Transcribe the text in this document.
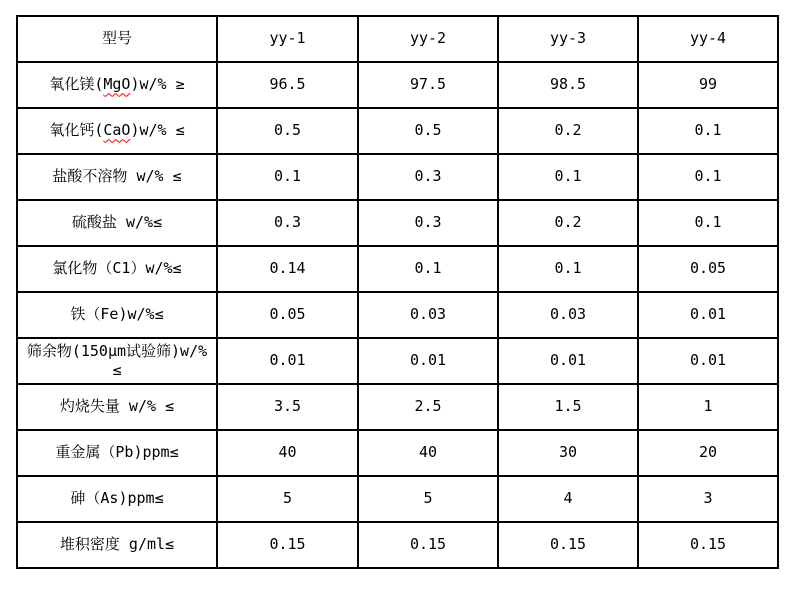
型号	yy-1	yy-2	yy-3	yy-4
氧化镁(MgO)w/% ≥	96.5	97.5	98.5	99
氧化钙(CaO)w/% ≤	0.5	0.5	0.2	0.1
盐酸不溶物 w/% ≤	0.1	0.3	0.1	0.1
硫酸盐 w/%≤	0.3	0.3	0.2	0.1
氯化物（C1）w/%≤	0.14	0.1	0.1	0.05
铁（Fe)w/%≤	0.05	0.03	0.03	0.01
筛余物(150μm试验筛)w/% ≤	0.01	0.01	0.01	0.01
灼烧失量 w/% ≤	3.5	2.5	1.5	1
重金属（Pb)ppm≤	40	40	30	20
砷（As)ppm≤	5	5	4	3
堆积密度 g/ml≤	0.15	0.15	0.15	0.15
